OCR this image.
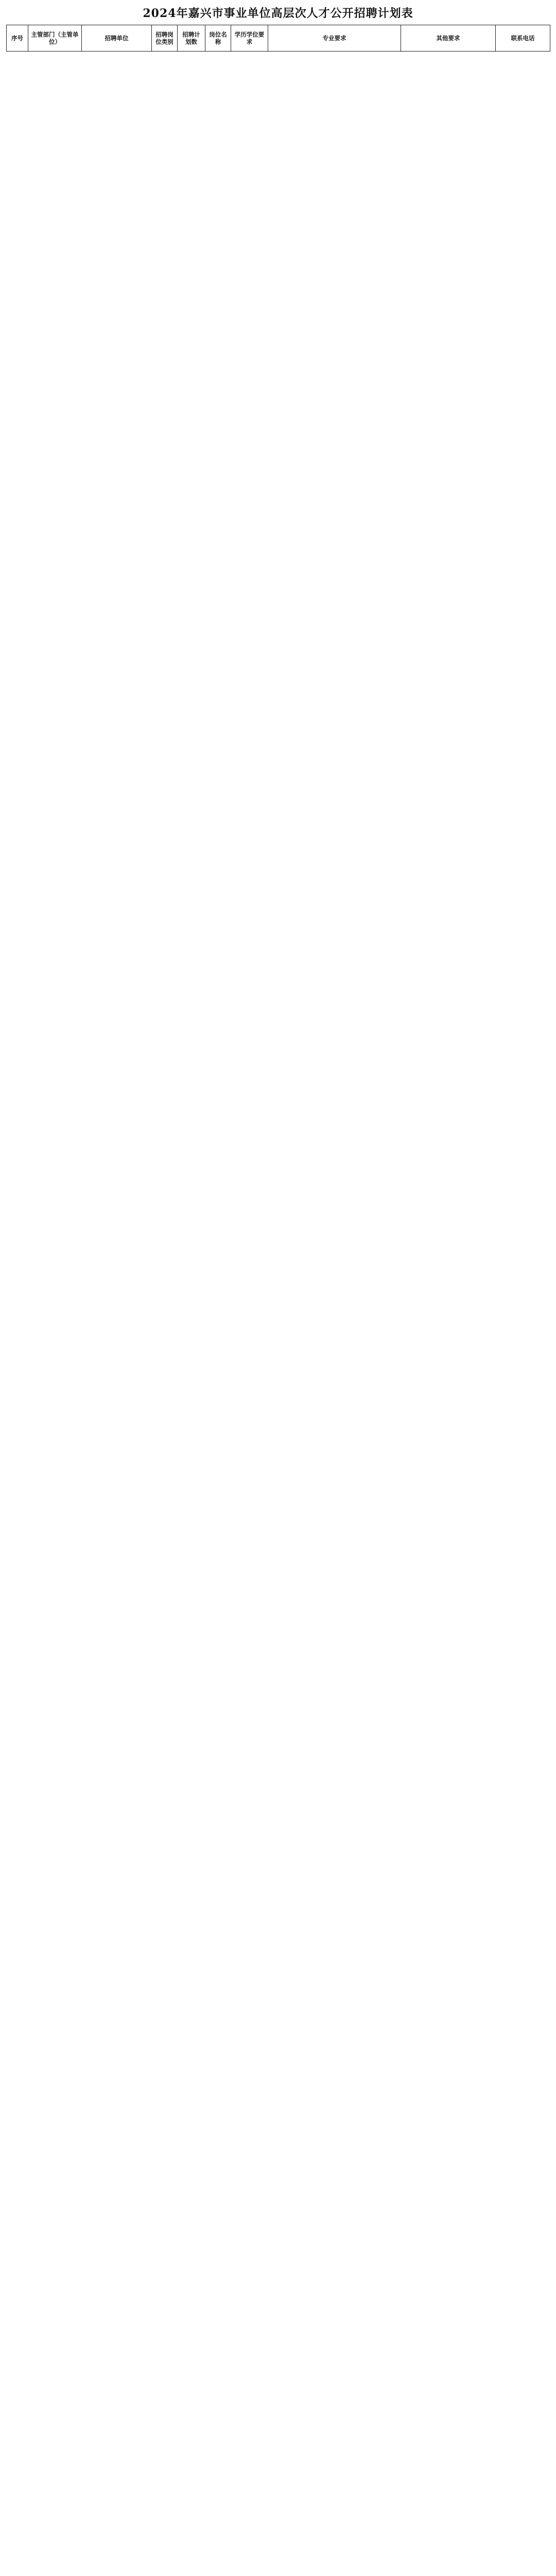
2024年嘉兴市事业单位高层次人才公开招聘计划表
序号	主管部门（主管单位）	招聘单位	招聘岗位类别	招聘计划数	岗位名称	学历学位要求	专业要求	其他要求	联系电话
